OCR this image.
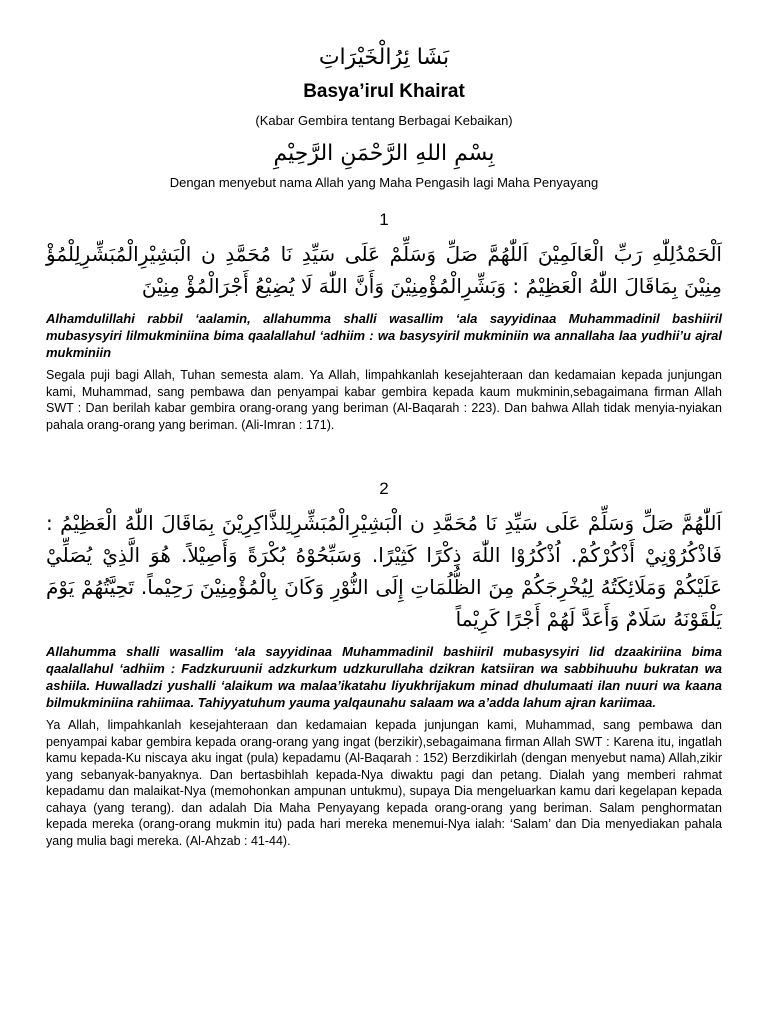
بَشَا ئِرُالْخَيْرَاتِ
Basya’irul Khairat
(Kabar Gembira tentang Berbagai Kebaikan)
بِسْمِ اللهِ الرَّحْمَنِ الرَّحِيْمِ
Dengan menyebut nama Allah yang Maha Pengasih lagi Maha Penyayang
1
اَلْحَمْدُلِلّٰهِ رَبِّ الْعَالَمِيْنَ اَللّٰهُمَّ صَلِّ وَسَلِّمْ عَلَى سَيِّدِ نَا مُحَمَّدِ ن الْبَشِيْرِالْمُبَشِّرِلِلْمُؤْ مِنِيْنَ بِمَاقَالَ اللّٰهُ الْعَظِيْمُ : وَبَشِّرِالْمُؤْمِنِيْنَ وَأَنَّ اللّٰهَ لَا يُضِيْعُ أَجْرَالْمُؤْ مِنِيْنَ
Alhamdulillahi rabbil ‘aalamin, allahumma shalli wasallim ‘ala sayyidinaa Muhammadinil bashiiril mubasysyiri lilmukminiina bima qaalallahul ‘adhiim : wa basysyiril mukminiin wa annallaha laa yudhii’u ajral mukminiin
Segala puji bagi Allah, Tuhan semesta alam. Ya Allah, limpahkanlah kesejahteraan dan kedamaian kepada junjungan kami, Muhammad, sang pembawa dan penyampai kabar gembira kepada kaum mukminin,sebagaimana firman Allah SWT : Dan berilah kabar gembira orang-orang yang beriman (Al-Baqarah : 223). Dan bahwa Allah tidak menyia-nyiakan pahala orang-orang yang beriman. (Ali-Imran : 171).
2
اَللّٰهُمَّ صَلِّ وَسَلِّمْ عَلَى سَيِّدِ نَا مُحَمَّدِ ن الْبَشِيْرِالْمُبَشِّرِلِلذَّاكِرِيْنَ بِمَاقَالَ اللّٰهُ الْعَظِيْمُ : فَاذْكُرُوْنِيْ أَذْكُرْكُمْ. اُذْكُرُوْا اللّٰهَ ذِكْرًا كَثِيْرًا. وَسَبِّحُوْهُ بُكْرَةً وَأَصِيْلاً. هُوَ الَّذِيْ يُصَلِّيْ عَلَيْكُمْ وَمَلَائِكَتُهُ لِيُخْرِجَكُمْ مِنَ الظُّلُمَاتِ إِلَى النُّوْرِ وَكَانَ بِالْمُؤْمِنِيْنَ رَحِيْماً. تَحِيَّتُهُمْ يَوْمَ يَلْقَوْنَهُ سَلَامٌ وَأَعَدَّ لَهُمْ أَجْرًا كَرِيْماً
Allahumma shalli wasallim ‘ala sayyidinaa Muhammadinil bashiiril mubasysyiri lid dzaakiriina bima qaalallahul ‘adhiim : Fadzkuruunii adzkurkum udzkurullaha dzikran katsiiran wa sabbihuuhu bukratan wa ashiila. Huwalladzi yushalli ‘alaikum wa malaa’ikatahu liyukhrijakum minad dhulumaati ilan nuuri wa kaana bilmukminiina rahiimaa. Tahiyyatuhum yauma yalqaunahu salaam wa a’adda lahum ajran kariimaa.
Ya Allah, limpahkanlah kesejahteraan dan kedamaian kepada junjungan kami, Muhammad, sang pembawa dan penyampai kabar gembira kepada orang-orang yang ingat (berzikir),sebagaimana firman Allah SWT : Karena itu, ingatlah kamu kepada-Ku niscaya aku ingat (pula) kepadamu (Al-Baqarah : 152) Berzdikirlah (dengan menyebut nama) Allah,zikir yang sebanyak-banyaknya. Dan bertasbihlah kepada-Nya diwaktu pagi dan petang. Dialah yang memberi rahmat kepadamu dan malaikat-Nya (memohonkan ampunan untukmu), supaya Dia mengeluarkan kamu dari kegelapan kepada cahaya (yang terang). dan adalah Dia Maha Penyayang kepada orang-orang yang beriman. Salam penghormatan kepada mereka (orang-orang mukmin itu) pada hari mereka menemui-Nya ialah: ‘Salam’ dan Dia menyediakan pahala yang mulia bagi mereka. (Al-Ahzab : 41-44).
